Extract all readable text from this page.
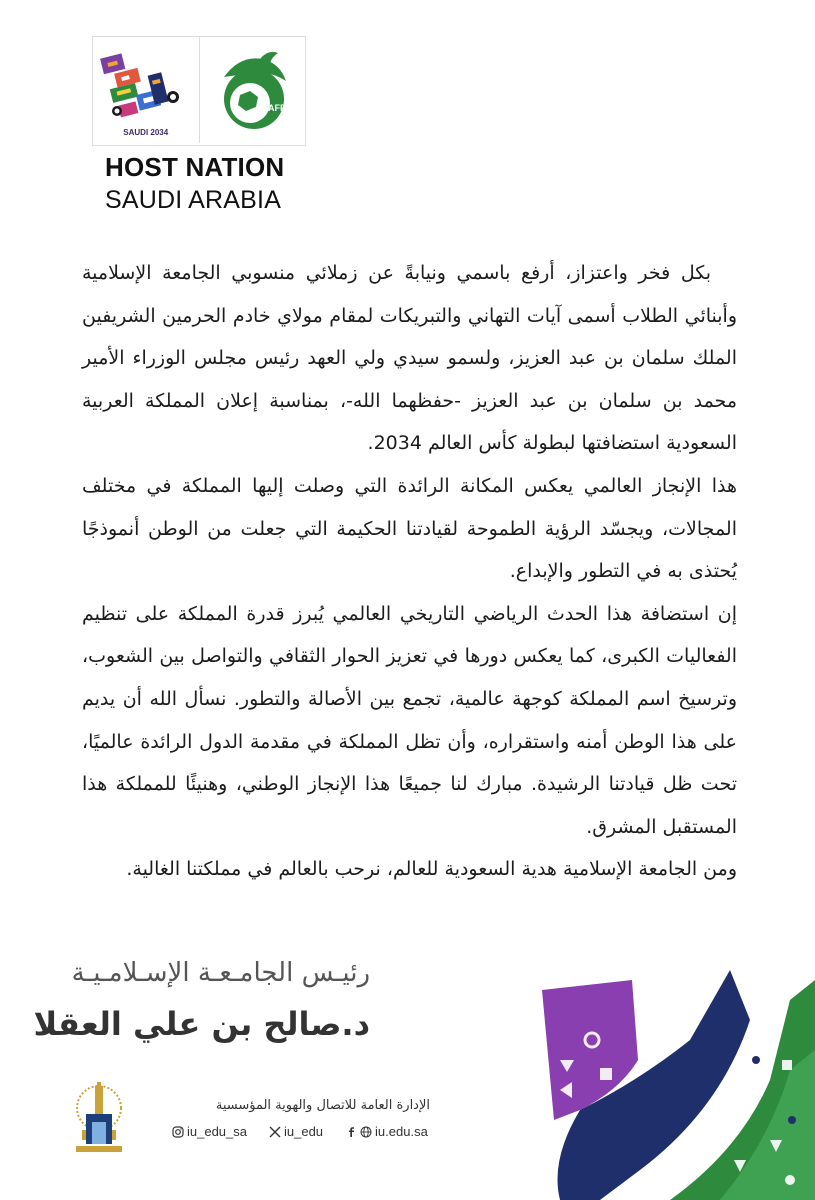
SAUDI 2034
SAFF
HOST NATION
SAUDI ARABIA

بكل فخر واعتزاز، أرفع باسمي ونيابةً عن زملائي منسوبي الجامعة الإسلامية وأبنائي الطلاب أسمى آيات التهاني والتبريكات لمقام مولاي خادم الحرمين الشريفين الملك سلمان بن عبد العزيز، ولسمو سيدي ولي العهد رئيس مجلس الوزراء الأمير محمد بن سلمان بن عبد العزيز -حفظهما الله-، بمناسبة إعلان المملكة العربية السعودية استضافتها لبطولة كأس العالم 2034.

هذا الإنجاز العالمي يعكس المكانة الرائدة التي وصلت إليها المملكة في مختلف المجالات، ويجسّد الرؤية الطموحة لقيادتنا الحكيمة التي جعلت من الوطن أنموذجًا يُحتذى به في التطور والإبداع.

إن استضافة هذا الحدث الرياضي التاريخي العالمي يُبرز قدرة المملكة على تنظيم الفعاليات الكبرى، كما يعكس دورها في تعزيز الحوار الثقافي والتواصل بين الشعوب، وترسيخ اسم المملكة كوجهة عالمية، تجمع بين الأصالة والتطور. نسأل الله أن يديم على هذا الوطن أمنه واستقراره، وأن تظل المملكة في مقدمة الدول الرائدة عالميًا، تحت ظل قيادتنا الرشيدة. مبارك لنا جميعًا هذا الإنجاز الوطني، وهنيئًا للمملكة هذا المستقبل المشرق.

ومن الجامعة الإسلامية هدية السعودية للعالم، نرحب بالعالم في مملكتنا الغالية.

رئيـس الجامـعـة الإسـلامـيـة
د.صالح بن علي العقلا
الإدارة العامة للاتصال والهوية المؤسسية
iu_edu_sa	iu_edu	iu.edu.sa
